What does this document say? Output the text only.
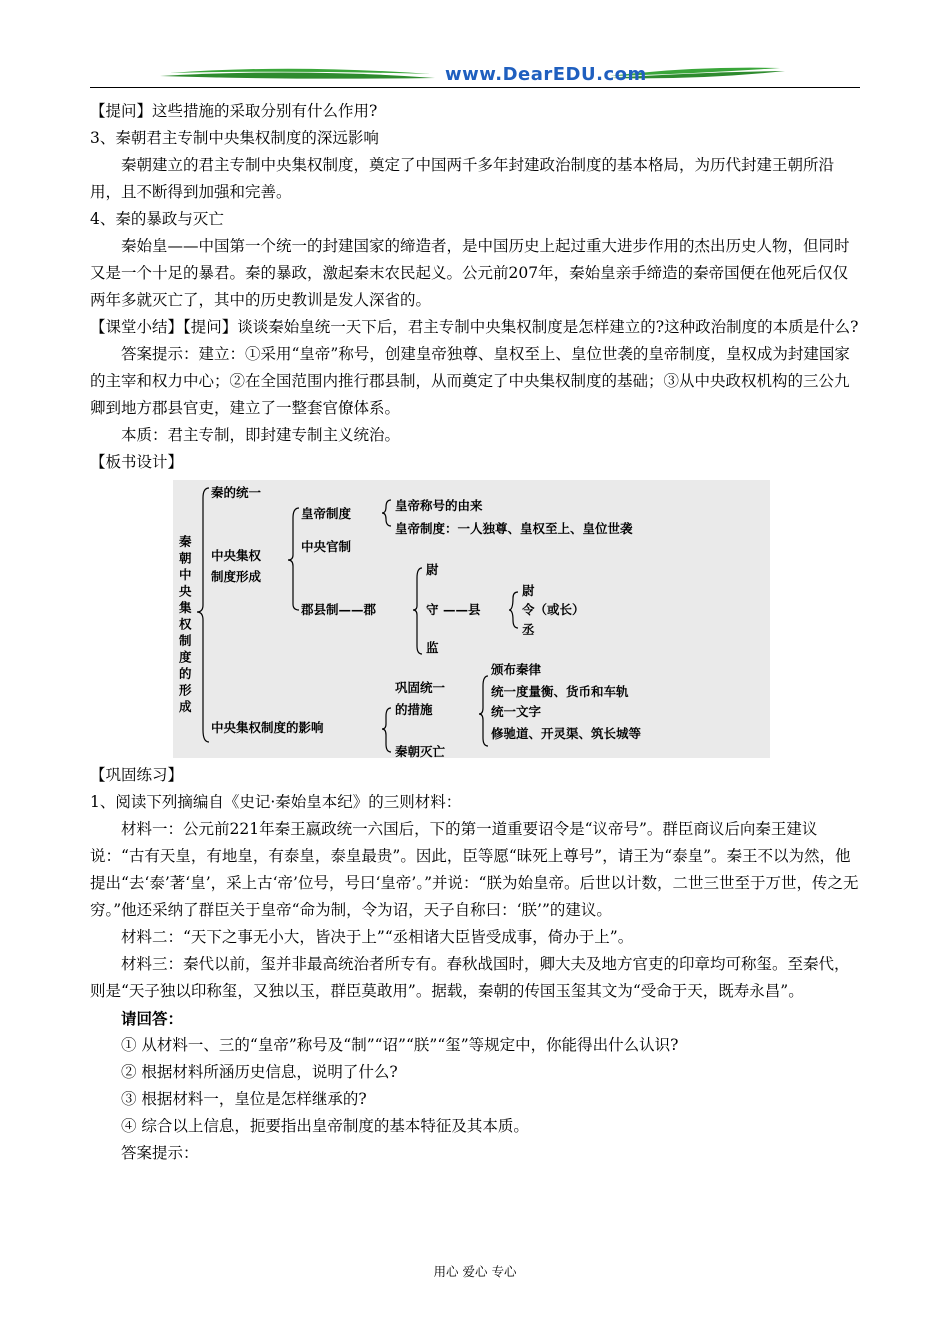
www.DearEDU.com

【提问】这些措施的采取分别有什么作用?

3、秦朝君主专制中央集权制度的深远影响

秦朝建立的君主专制中央集权制度，奠定了中国两千多年封建政治制度的基本格局，为历代封建王朝所沿用，且不断得到加强和完善。

4、秦的暴政与灭亡

秦始皇——中国第一个统一的封建国家的缔造者，是中国历史上起过重大进步作用的杰出历史人物，但同时又是一个十足的暴君。秦的暴政，激起秦末农民起义。公元前207年，秦始皇亲手缔造的秦帝国便在他死后仅仅两年多就灭亡了，其中的历史教训是发人深省的。

【课堂小结】【提问】谈谈秦始皇统一天下后，君主专制中央集权制度是怎样建立的?这种政治制度的本质是什么?

答案提示：建立：①采用“皇帝”称号，创建皇帝独尊、皇权至上、皇位世袭的皇帝制度，皇权成为封建国家的主宰和权力中心；②在全国范围内推行郡县制，从而奠定了中央集权制度的基础；③从中央政权机构的三公九卿到地方郡县官吏，建立了一整套官僚体系。

本质：君主专制，即封建专制主义统治。

【板书设计】

秦
朝
中
央
集
权
制
度
的
形
成
秦的统一
中央集权
制度形成
皇帝制度
皇帝称号的由来
皇帝制度：一人独尊、皇权至上、皇位世袭
中央官制
郡县制——郡
尉
守 ——县
监
尉
令（或长）
丞
巩固统一
的措施
颁布秦律
统一度量衡、货币和车轨
统一文字
修驰道、开灵渠、筑长城等
中央集权制度的影响
秦朝灭亡

【巩固练习】

1、阅读下列摘编自《史记·秦始皇本纪》的三则材料：

材料一：公元前221年秦王嬴政统一六国后，下的第一道重要诏令是“议帝号”。群臣商议后向秦王建议说：“古有天皇，有地皇，有泰皇，泰皇最贵”。因此，臣等愿“昧死上尊号”，请王为“泰皇”。秦王不以为然，他提出“去‘泰’著‘皇’，采上古‘帝’位号，号曰‘皇帝’。”并说：“朕为始皇帝。后世以计数，二世三世至于万世，传之无穷。”他还采纳了群臣关于皇帝“命为制，令为诏，天子自称曰：‘朕’”的建议。

材料二：“天下之事无小大，皆决于上”“丞相诸大臣皆受成事，倚办于上”。

材料三：秦代以前，玺并非最高统治者所专有。春秋战国时，卿大夫及地方官吏的印章均可称玺。至秦代，则是“天子独以印称玺，又独以玉，群臣莫敢用”。据载，秦朝的传国玉玺其文为“受命于天，既寿永昌”。

请回答：

① 从材料一、三的“皇帝”称号及“制”“诏”“朕”“玺”等规定中，你能得出什么认识?

② 根据材料所涵历史信息，说明了什么?

③ 根据材料一，皇位是怎样继承的?

④ 综合以上信息，扼要指出皇帝制度的基本特征及其本质。

答案提示：

用心 爱心 专心
